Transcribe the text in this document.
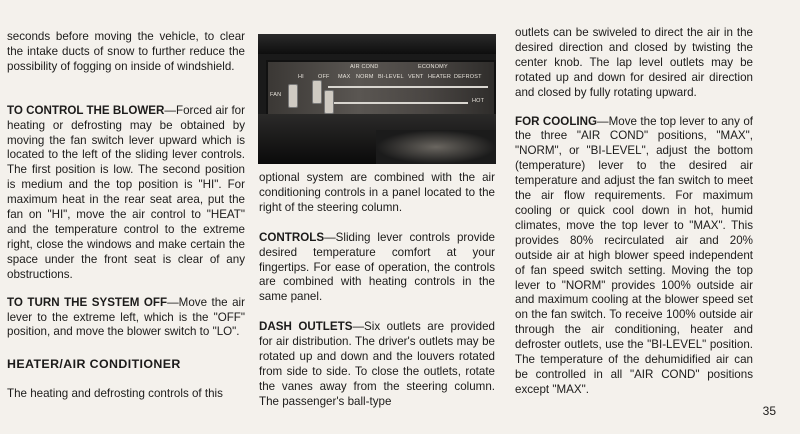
seconds before moving the vehicle, to clear the intake ducts of snow to further reduce the possibility of fogging on inside of windshield.

TO CONTROL THE BLOWER—Forced air for heating or defrosting may be obtained by moving the fan switch lever upward which is located to the left of the sliding lever controls. The first position is low. The second position is medium and the top position is "HI". For maximum heat in the rear seat area, put the fan on "HI", move the air control to "HEAT" and the temperature control to the extreme right, close the windows and make certain the space under the front seat is clear of any obstructions.

TO TURN THE SYSTEM OFF—Move the air lever to the extreme left, which is the "OFF" position, and move the blower switch to "LO".

HEATER/AIR CONDITIONER

The heating and defrosting controls of this

AIR COND	ECONOMY
HI	OFF MAX NORM BI-LEVEL VENT HEATER DEFROST
FAN
HOT

optional system are combined with the air conditioning controls in a panel located to the right of the steering column.

CONTROLS—Sliding lever controls provide desired temperature comfort at your fingertips. For ease of operation, the controls are combined with heating controls in the same panel.

DASH OUTLETS—Six outlets are provided for air distribution. The driver's outlets may be rotated up and down and the louvers rotated from side to side. To close the outlets, rotate the vanes away from the steering column. The passenger's ball-type

outlets can be swiveled to direct the air in the desired direction and closed by twisting the center knob. The lap level outlets may be rotated up and down for desired air direction and closed by fully rotating upward.

FOR COOLING—Move the top lever to any of the three "AIR COND" positions, "MAX", "NORM", or "BI-LEVEL", adjust the bottom (temperature) lever to the desired air temperature and adjust the fan switch to meet the air flow requirements. For maximum cooling or quick cool down in hot, humid climates, move the top lever to "MAX". This provides 80% recirculated air and 20% outside air at high blower speed independent of fan speed switch setting. Moving the top lever to "NORM" provides 100% outside air and maximum cooling at the blower speed set on the fan switch. To receive 100% outside air through the air conditioning, heater and defroster outlets, use the "BI-LEVEL" position. The temperature of the dehumidified air can be controlled in all "AIR COND" positions except "MAX".

35
